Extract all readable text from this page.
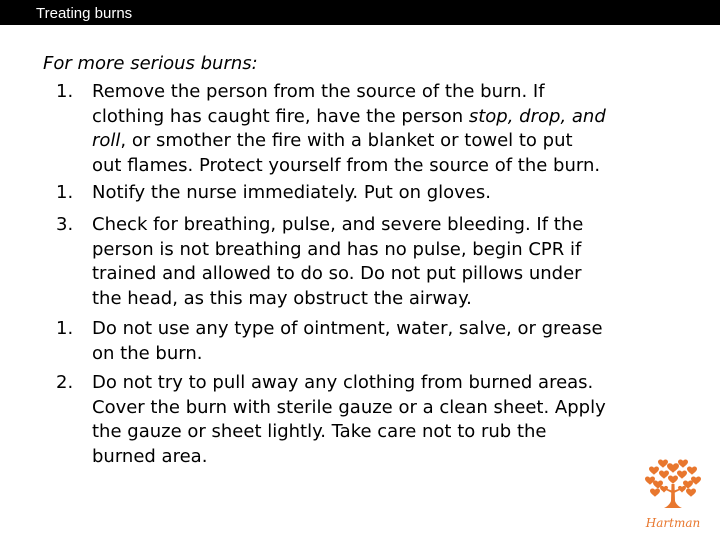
Treating burns
For more serious burns:
1.	Remove the person from the source of the burn. If
clothing has caught fire, have the person stop, drop, and
roll, or smother the fire with a blanket or towel to put
out flames. Protect yourself from the source of the burn.
1.	Notify the nurse immediately. Put on gloves.
3.	Check for breathing, pulse, and severe bleeding. If the
person is not breathing and has no pulse, begin CPR if
trained and allowed to do so. Do not put pillows under
the head, as this may obstruct the airway.
1.	Do not use any type of ointment, water, salve, or grease
on the burn.
2.	Do not try to pull away any clothing from burned areas.
Cover the burn with sterile gauze or a clean sheet. Apply
the gauze or sheet lightly. Take care not to rub the
burned area.
Hartman
